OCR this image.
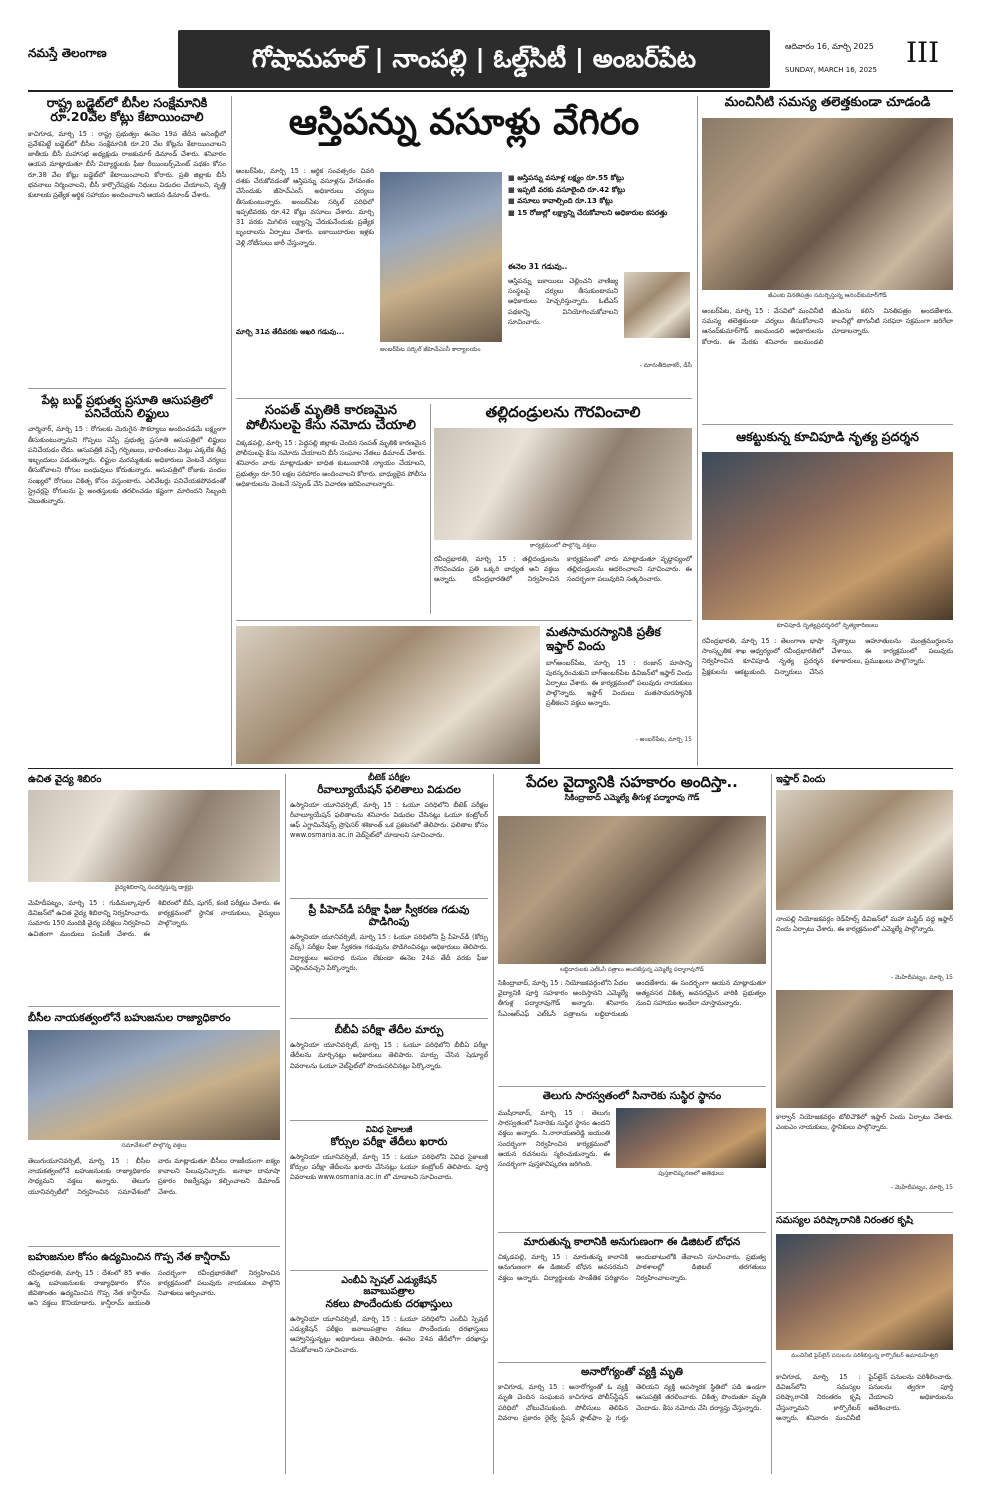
నమస్తే తెలంగాణ	గోషామహల్ | నాంపల్లి | ఓల్డ్‌సిటీ | అంబర్‌పేట	ఆదివారం 16, మార్చి 2025
SUNDAY, MARCH 16, 2025
III
రాష్ట్ర బడ్జెట్‌లో బీసీల సంక్షేమానికి రూ.20వేల కోట్లు కేటాయించాలి
కాచిగూడ, మార్చి 15 : రాష్ట్ర ప్రభుత్వం ఈనెల 19వ తేదీన అసెంబ్లీలో ప్రవేశపెట్టే బడ్జెట్‌లో బీసీల సంక్షేమానికి రూ.20 వేల కోట్లను కేటాయించాలని జాతీయ బీసీ మహాసభ అధ్యక్షుడు రాజకుమార్ డిమాండ్ చేశారు. శనివారం ఆయన మాట్లాడుతూ బీసీ విద్యార్థులకు ఫీజు రీయింబర్స్‌మెంట్ పథకం కోసం రూ.38 వేల కోట్లు బడ్జెట్‌లో కేటాయించాలని కోరారు. ప్రతి జిల్లాకు బీసీ భవనాలు నిర్మించాలని, బీసీ కార్పొరేషన్లకు నిధులు విడుదల చేయాలని, వృత్తి కులాలకు ప్రత్యేక ఆర్థిక సహాయం అందించాలని ఆయన డిమాండ్ చేశారు.
పేట్ల బుర్జ్ ప్రభుత్వ ప్రసూతి ఆసుపత్రిలో పనిచేయని లిఫ్టులు
చార్మినార్, మార్చి 15 : రోగులకు మెరుగైన సౌకర్యాలు అందించడమే లక్ష్యంగా తీసుకుంటున్నామని గొప్పలు చెప్పే ప్రభుత్వ ప్రసూతి ఆసుపత్రిలో లిఫ్టులు పనిచేయడం లేదు. ఆసుపత్రికి వచ్చే గర్భిణులు, బాలింతలు మెట్లు ఎక్కలేక తీవ్ర ఇబ్బందులు పడుతున్నారు. లిఫ్టుల మరమ్మతుకు అధికారులు వెంటనే చర్యలు తీసుకోవాలని రోగుల బంధువులు కోరుతున్నారు. ఆసుపత్రిలో రోజుకు వందల సంఖ్యలో రోగులు చికిత్స కోసం వస్తుంటారు. ఎలివేటర్లు పనిచేయకపోవడంతో స్ట్రెచర్లపై రోగులను పై అంతస్తులకు తరలించడం కష్టంగా మారిందని సిబ్బంది చెబుతున్నారు.
ఆస్తిపన్ను వసూళ్లు వేగిరం
అంబర్‌పేట, మార్చి 15 : ఆర్థిక సంవత్సరం చివరి దశకు చేరుకోవడంతో ఆస్తిపన్ను వసూళ్లను వేగవంతం చేసేందుకు జీహెచ్ఎంసీ అధికారులు చర్యలు తీసుకుంటున్నారు. అంబర్‌పేట సర్కిల్ పరిధిలో ఇప్పటివరకు రూ.42 కోట్లు వసూలు చేశారు. మార్చి 31 వరకు మిగిలిన లక్ష్యాన్ని చేరుకునేందుకు ప్రత్యేక బృందాలను ఏర్పాటు చేశారు. బకాయిదారుల ఇళ్లకు వెళ్లి నోటీసులు జారీ చేస్తున్నారు.
అంబర్‌పేట సర్కిల్ జీహెచ్ఎంసీ కార్యాలయం
■ ఆస్తిపన్ను వసూళ్ల లక్ష్యం రూ.55 కోట్లు
■ ఇప్పటి వరకు వసూలైంది రూ.42 కోట్లు
■ వసూలు కావాల్సింది రూ.13 కోట్లు
■ 15 రోజుల్లో లక్ష్యాన్ని చేరుకోవాలని అధికారుల కసరత్తు
మార్చి 31వ తేదీవరకు ఆఖరి గడువు...
ఈనెల 31 గడువు..
ఆస్తిపన్ను బకాయిలు చెల్లించని వాణిజ్య సంస్థలపై చర్యలు తీసుకుంటామని అధికారులు హెచ్చరిస్తున్నారు. ఓటీఎస్ పథకాన్ని వినియోగించుకోవాలని సూచించారు.
- మారుతీదివాకర్, డీసీ
మంచినీటి సమస్య తలెత్తకుండా చూడండి
జీఎంకు వినతిపత్రం సమర్పిస్తున్న ఆనంద్‌కుమార్‌గౌడ్
అంబర్‌పేట, మార్చి 15 : వేసవిలో మంచినీటి సమస్య తలెత్తకుండా చర్యలు తీసుకోవాలని ఆనంద్‌కుమార్‌గౌడ్ జలమండలి అధికారులను కోరారు. ఈ మేరకు శనివారం జలమండలి జీఎంను కలిసి వినతిపత్రం అందజేశారు. కాలనీల్లో తాగునీటి సరఫరా సక్రమంగా జరిగేలా చూడాలన్నారు.
ఆకట్టుకున్న కూచిపూడి నృత్య ప్రదర్శన
కూచిపూడి నృత్యప్రదర్శనలో నృత్యకారిణులు
రవీంద్రభారతి, మార్చి 15 : తెలంగాణ భాషా సాంస్కృతిక శాఖ ఆధ్వర్యంలో రవీంద్రభారతిలో నిర్వహించిన కూచిపూడి నృత్య ప్రదర్శన ప్రేక్షకులను ఆకట్టుకుంది. చిన్నారులు చేసిన నృత్యాలు ఆహూతులను మంత్రముగ్ధులను చేశాయి. ఈ కార్యక్రమంలో పలువురు కళాకారులు, ప్రముఖులు పాల్గొన్నారు.
సంపత్ మృతికి కారణమైన పోలీసులపై కేసు నమోదు చేయాలి
చిక్కడపల్లి, మార్చి 15 : పెద్దపల్లి జిల్లాకు చెందిన సంపత్ మృతికి కారణమైన పోలీసులపై కేసు నమోదు చేయాలని బీసీ సంఘాల నేతలు డిమాండ్ చేశారు. శనివారం వారు మాట్లాడుతూ బాధిత కుటుంబానికి న్యాయం చేయాలని, ప్రభుత్వం రూ.50 లక్షల పరిహారం అందించాలని కోరారు. బాధ్యులైన పోలీసు అధికారులను వెంటనే సస్పెండ్ చేసి విచారణ జరిపించాలన్నారు.
తల్లిదండ్రులను గౌరవించాలి
కార్యక్రమంలో పాల్గొన్న వక్తలు
రవీంద్రభారతి, మార్చి 15 : తల్లిదండ్రులను గౌరవించడం ప్రతి ఒక్కరి బాధ్యత అని వక్తలు అన్నారు. రవీంద్రభారతిలో నిర్వహించిన కార్యక్రమంలో వారు మాట్లాడుతూ వృద్ధాప్యంలో తల్లిదండ్రులను ఆదరించాలని సూచించారు. ఈ సందర్భంగా పలువురిని సత్కరించారు.
మతసామరస్యానికి ప్రతీక ఇఫ్తార్ విందు
బాగ్‌అంబర్‌పేట, మార్చి 15 : రంజాన్ మాసాన్ని పురస్కరించుకుని బాగ్‌అంబర్‌పేట డివిజన్‌లో ఇఫ్తార్ విందు ఏర్పాటు చేశారు. ఈ కార్యక్రమంలో పలువురు నాయకులు పాల్గొన్నారు. ఇఫ్తార్ విందులు మతసామరస్యానికి ప్రతీకలని వక్తలు అన్నారు.
- అంబర్‌పేట, మార్చి 15
ఉచిత వైద్య శిబిరం
వైద్యశిబిరాన్ని సందర్శిస్తున్న డాక్టర్లు
మెహిదీపట్నం, మార్చి 15 : గుడిమల్కాపూర్ డివిజన్‌లో ఉచిత వైద్య శిబిరాన్ని నిర్వహించారు. సుమారు 150 మందికి వైద్య పరీక్షలు నిర్వహించి ఉచితంగా మందులు పంపిణీ చేశారు. ఈ శిబిరంలో బీపీ, షుగర్, కంటి పరీక్షలు చేశారు. ఈ కార్యక్రమంలో స్థానిక నాయకులు, వైద్యులు పాల్గొన్నారు.
బీసీల నాయకత్వంలోనే బహుజనుల రాజ్యాధికారం
సమావేశంలో పాల్గొన్న వక్తలు
తెలుగుయూనివర్సిటీ, మార్చి 15 : బీసీల నాయకత్వంలోనే బహుజనులకు రాజ్యాధికారం సాధ్యమని వక్తలు అన్నారు. తెలుగు యూనివర్సిటీలో నిర్వహించిన సమావేశంలో వారు మాట్లాడుతూ బీసీలు రాజకీయంగా ఐక్యం కావాలని పిలుపునిచ్చారు. జనాభా దామాషా ప్రకారం రిజర్వేషన్లు కల్పించాలని డిమాండ్ చేశారు.
బహుజనుల కోసం ఉద్యమించిన గొప్ప నేత కాన్షీరామ్
రవీంద్రభారతి, మార్చి 15 : దేశంలో 85 శాతం ఉన్న బహుజనులకు రాజ్యాధికారం కోసం జీవితాంతం ఉద్యమించిన గొప్ప నేత కాన్షీరామ్ అని వక్తలు కొనియాడారు. కాన్షీరామ్ జయంతి సందర్భంగా రవీంద్రభారతిలో నిర్వహించిన కార్యక్రమంలో పలువురు నాయకులు పాల్గొని నివాళులు అర్పించారు.
బీటెక్ పరీక్షల
రీవాల్యూయేషన్ ఫలితాలు విడుదల
ఉస్మానియా యూనివర్సిటీ, మార్చి 15 : ఓయూ పరిధిలోని బీటెక్ పరీక్షల రీవాల్యూయేషన్ ఫలితాలను శనివారం విడుదల చేసినట్లు ఓయూ కంట్రోలర్ ఆఫ్ ఎగ్జామినేషన్స్ ప్రొఫెసర్ శశికాంత్ ఒక ప్రకటనలో తెలిపారు. ఫలితాల కోసం www.osmania.ac.in వెబ్‌సైట్‌లో చూడాలని సూచించారు.
ప్రీ పీహెచ్‌డీ పరీక్షా ఫీజు స్వీకరణ గడువు పొడిగింపు
ఉస్మానియా యూనివర్సిటీ, మార్చి 15 : ఓయూ పరిధిలోని ప్రీ పీహెచ్‌డీ (కోర్సు వర్క్) పరీక్షల ఫీజు స్వీకరణ గడువును పొడిగించినట్లు అధికారులు తెలిపారు. విద్యార్థులు అపరాధ రుసుం లేకుండా ఈనెల 24వ తేదీ వరకు ఫీజు చెల్లించవచ్చని పేర్కొన్నారు.
బీబీఏ పరీక్షా తేదీల మార్పు
ఉస్మానియా యూనివర్సిటీ, మార్చి 15 : ఓయూ పరిధిలోని బీబీఏ పరీక్షా తేదీలను మార్చినట్లు అధికారులు తెలిపారు. మార్పు చేసిన షెడ్యూల్ వివరాలను ఓయూ వెబ్‌సైట్‌లో పొందుపరిచినట్లు పేర్కొన్నారు.
వివిధ సైకాలజీ
కోర్సుల పరీక్షా తేదీలు ఖరారు
ఉస్మానియా యూనివర్సిటీ, మార్చి 15 : ఓయూ పరిధిలోని వివిధ సైకాలజీ కోర్సుల పరీక్షా తేదీలను ఖరారు చేసినట్లు ఓయూ కంట్రోలర్ తెలిపారు. పూర్తి వివరాలకు www.osmania.ac.in లో చూడాలని సూచించారు.
ఎంబీఏ స్పెషల్ ఎడ్యుకేషన్
జవాబుపత్రాల
నకలు పొందేందుకు దరఖాస్తులు
ఉస్మానియా యూనివర్సిటీ, మార్చి 15 : ఓయూ పరిధిలోని ఎంబీఏ స్పెషల్ ఎడ్యుకేషన్ పరీక్షల జవాబుపత్రాల నకలు పొందేందుకు దరఖాస్తులు ఆహ్వానిస్తున్నట్లు అధికారులు తెలిపారు. ఈనెల 24వ తేదీలోగా దరఖాస్తు చేసుకోవాలని సూచించారు.
పేదల వైద్యానికి సహకారం అందిస్తా..
సికింద్రాబాద్ ఎమ్మెల్యే తీగుళ్ల పద్మారావు గౌడ్
లబ్ధిదారులకు ఎల్‌ఓసీ పత్రాలు అందజేస్తున్న ఎమ్మెల్యే పద్మారావుగౌడ్
సికింద్రాబాద్, మార్చి 15 : నియోజకవర్గంలోని పేదల వైద్యానికి పూర్తి సహకారం అందిస్తానని ఎమ్మెల్యే తీగుళ్ల పద్మారావుగౌడ్ అన్నారు. శనివారం సీఎంఆర్ఎఫ్ ఎల్ఓసీ పత్రాలను లబ్ధిదారులకు అందజేశారు. ఈ సందర్భంగా ఆయన మాట్లాడుతూ అత్యవసర చికిత్స అవసరమైన వారికి ప్రభుత్వం నుంచి సహాయం అందేలా చూస్తామన్నారు.
తెలుగు సారస్వతంలో సినారెకు సుస్థిర స్థానం
ముషీరాబాద్, మార్చి 15 : తెలుగు సారస్వతంలో సినారెకు సుస్థిర స్థానం ఉందని వక్తలు అన్నారు. సి.నారాయణరెడ్డి జయంతి సందర్భంగా నిర్వహించిన కార్యక్రమంలో ఆయన రచనలను స్మరించుకున్నారు. ఈ సందర్భంగా పుస్తకావిష్కరణ జరిగింది.
పుస్తకావిష్కరణలో అతిథులు
మారుతున్న కాలానికి అనుగుణంగా ఈ డిజిటల్ బోధన
చిక్కడపల్లి, మార్చి 15 : మారుతున్న కాలానికి అనుగుణంగా ఈ డిజిటల్ బోధన అవసరమని వక్తలు అన్నారు. విద్యార్థులకు సాంకేతిక పరిజ్ఞానం అందుబాటులోకి తేవాలని సూచించారు. ప్రభుత్వ పాఠశాలల్లో డిజిటల్ తరగతులు నిర్వహించాలన్నారు.
అనారోగ్యంతో వ్యక్తి మృతి
కాచిగూడ, మార్చి 15 : అనారోగ్యంతో ఓ వ్యక్తి మృతి చెందిన సంఘటన కాచిగూడ పోలీస్‌స్టేషన్ పరిధిలో చోటుచేసుకుంది. పోలీసులు తెలిపిన వివరాల ప్రకారం రైల్వే స్టేషన్ ప్లాట్‌ఫాం పై గుర్తు తెలియని వ్యక్తి అపస్మారక స్థితిలో పడి ఉండగా ఆసుపత్రికి తరలించారు. చికిత్స పొందుతూ మృతి చెందాడు. కేసు నమోదు చేసి దర్యాప్తు చేస్తున్నారు.
ఇఫ్తార్ విందు
నాంపల్లి నియోజకవర్గం రెడ్‌హిల్స్ డివిజన్‌లో మహా మస్జిద్ వద్ద ఇఫ్తార్ విందు ఏర్పాటు చేశారు. ఈ కార్యక్రమంలో ఎమ్మెల్యే పాల్గొన్నారు.
- మెహిదీపట్నం, మార్చి 15
కార్వాన్ నియోజకవర్గం టోలిచౌకిలో ఇఫ్తార్ విందు ఏర్పాటు చేశారు. ఎంఐఎం నాయకులు, స్థానికులు పాల్గొన్నారు.
- మెహిదీపట్నం, మార్చి 15
సమస్యల పరిష్కారానికి నిరంతర కృషి
మంచినీటి పైప్‌లైన్ పనులను పరిశీలిస్తున్న కార్పొరేటర్ ఉమామహేశ్వరి
కాచిగూడ, మార్చి 15 : డివిజన్‌లోని సమస్యల పరిష్కారానికి నిరంతరం కృషి చేస్తున్నామని కార్పొరేటర్ అన్నారు. శనివారం మంచినీటి పైప్‌లైన్ పనులను పరిశీలించారు. పనులను త్వరగా పూర్తి చేయాలని అధికారులను ఆదేశించారు.
